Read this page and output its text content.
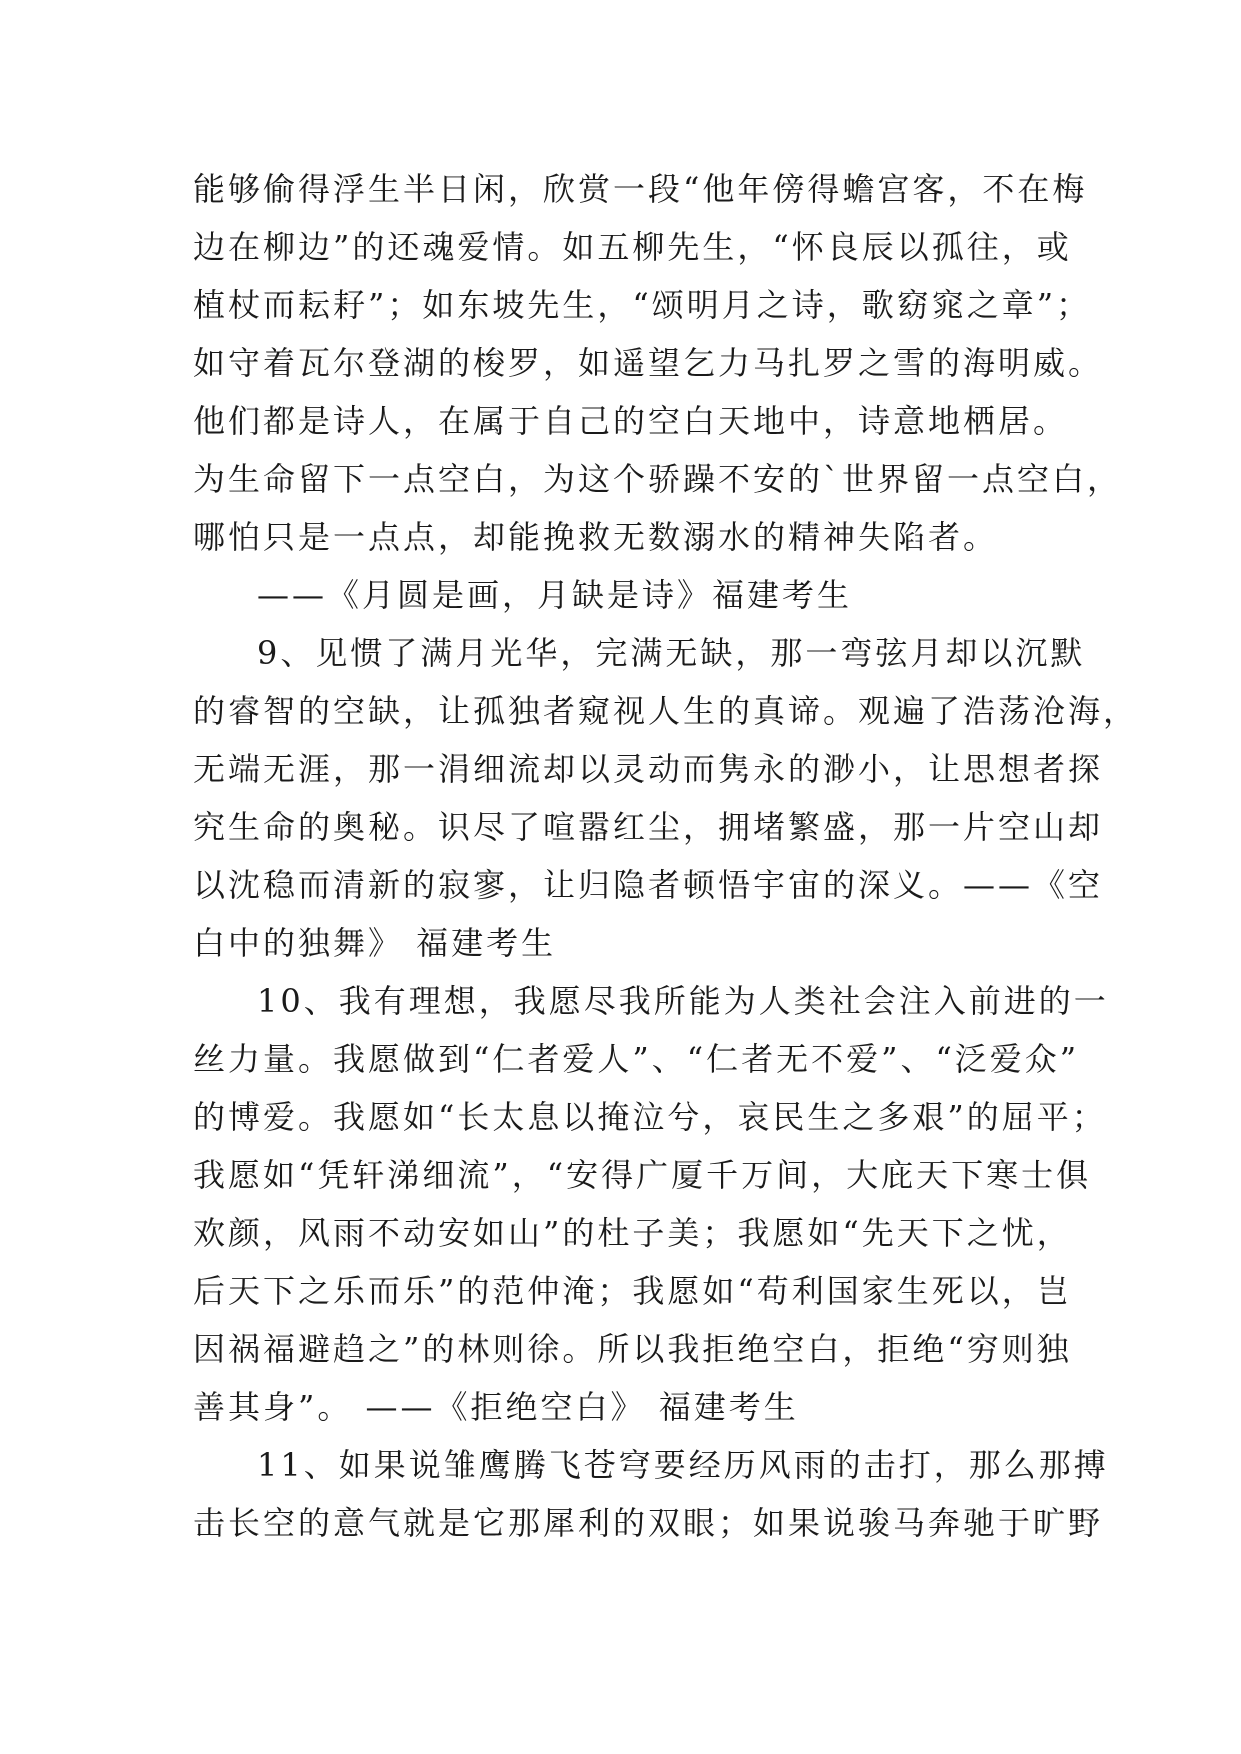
能够偷得浮生半日闲，欣赏一段“他年傍得蟾宫客，不在梅
边在柳边”的还魂爱情。如五柳先生，“怀良辰以孤往，或
植杖而耘耔”；如东坡先生，“颂明月之诗，歌窈窕之章”；
如守着瓦尔登湖的梭罗，如遥望乞力马扎罗之雪的海明威。
他们都是诗人，在属于自己的空白天地中，诗意地栖居。
为生命留下一点空白，为这个骄躁不安的`世界留一点空白，
哪怕只是一点点，却能挽救无数溺水的精神失陷者。
——《月圆是画，月缺是诗》福建考生
9、见惯了满月光华，完满无缺，那一弯弦月却以沉默
的睿智的空缺，让孤独者窥视人生的真谛。观遍了浩荡沧海，
无端无涯，那一涓细流却以灵动而隽永的渺小，让思想者探
究生命的奥秘。识尽了喧嚣红尘，拥堵繁盛，那一片空山却
以沈稳而清新的寂寥，让归隐者顿悟宇宙的深义。——《空
白中的独舞》 福建考生
10、我有理想，我愿尽我所能为人类社会注入前进的一
丝力量。我愿做到“仁者爱人”、“仁者无不爱”、“泛爱众”
的博爱。我愿如“长太息以掩泣兮，哀民生之多艰”的屈平；
我愿如“凭轩涕细流”，“安得广厦千万间，大庇天下寒士俱
欢颜，风雨不动安如山”的杜子美；我愿如“先天下之忧，
后天下之乐而乐”的范仲淹；我愿如“苟利国家生死以，岂
因祸福避趋之”的林则徐。所以我拒绝空白，拒绝“穷则独
善其身”。 ——《拒绝空白》 福建考生
11、如果说雏鹰腾飞苍穹要经历风雨的击打，那么那搏
击长空的意气就是它那犀利的双眼；如果说骏马奔驰于旷野
